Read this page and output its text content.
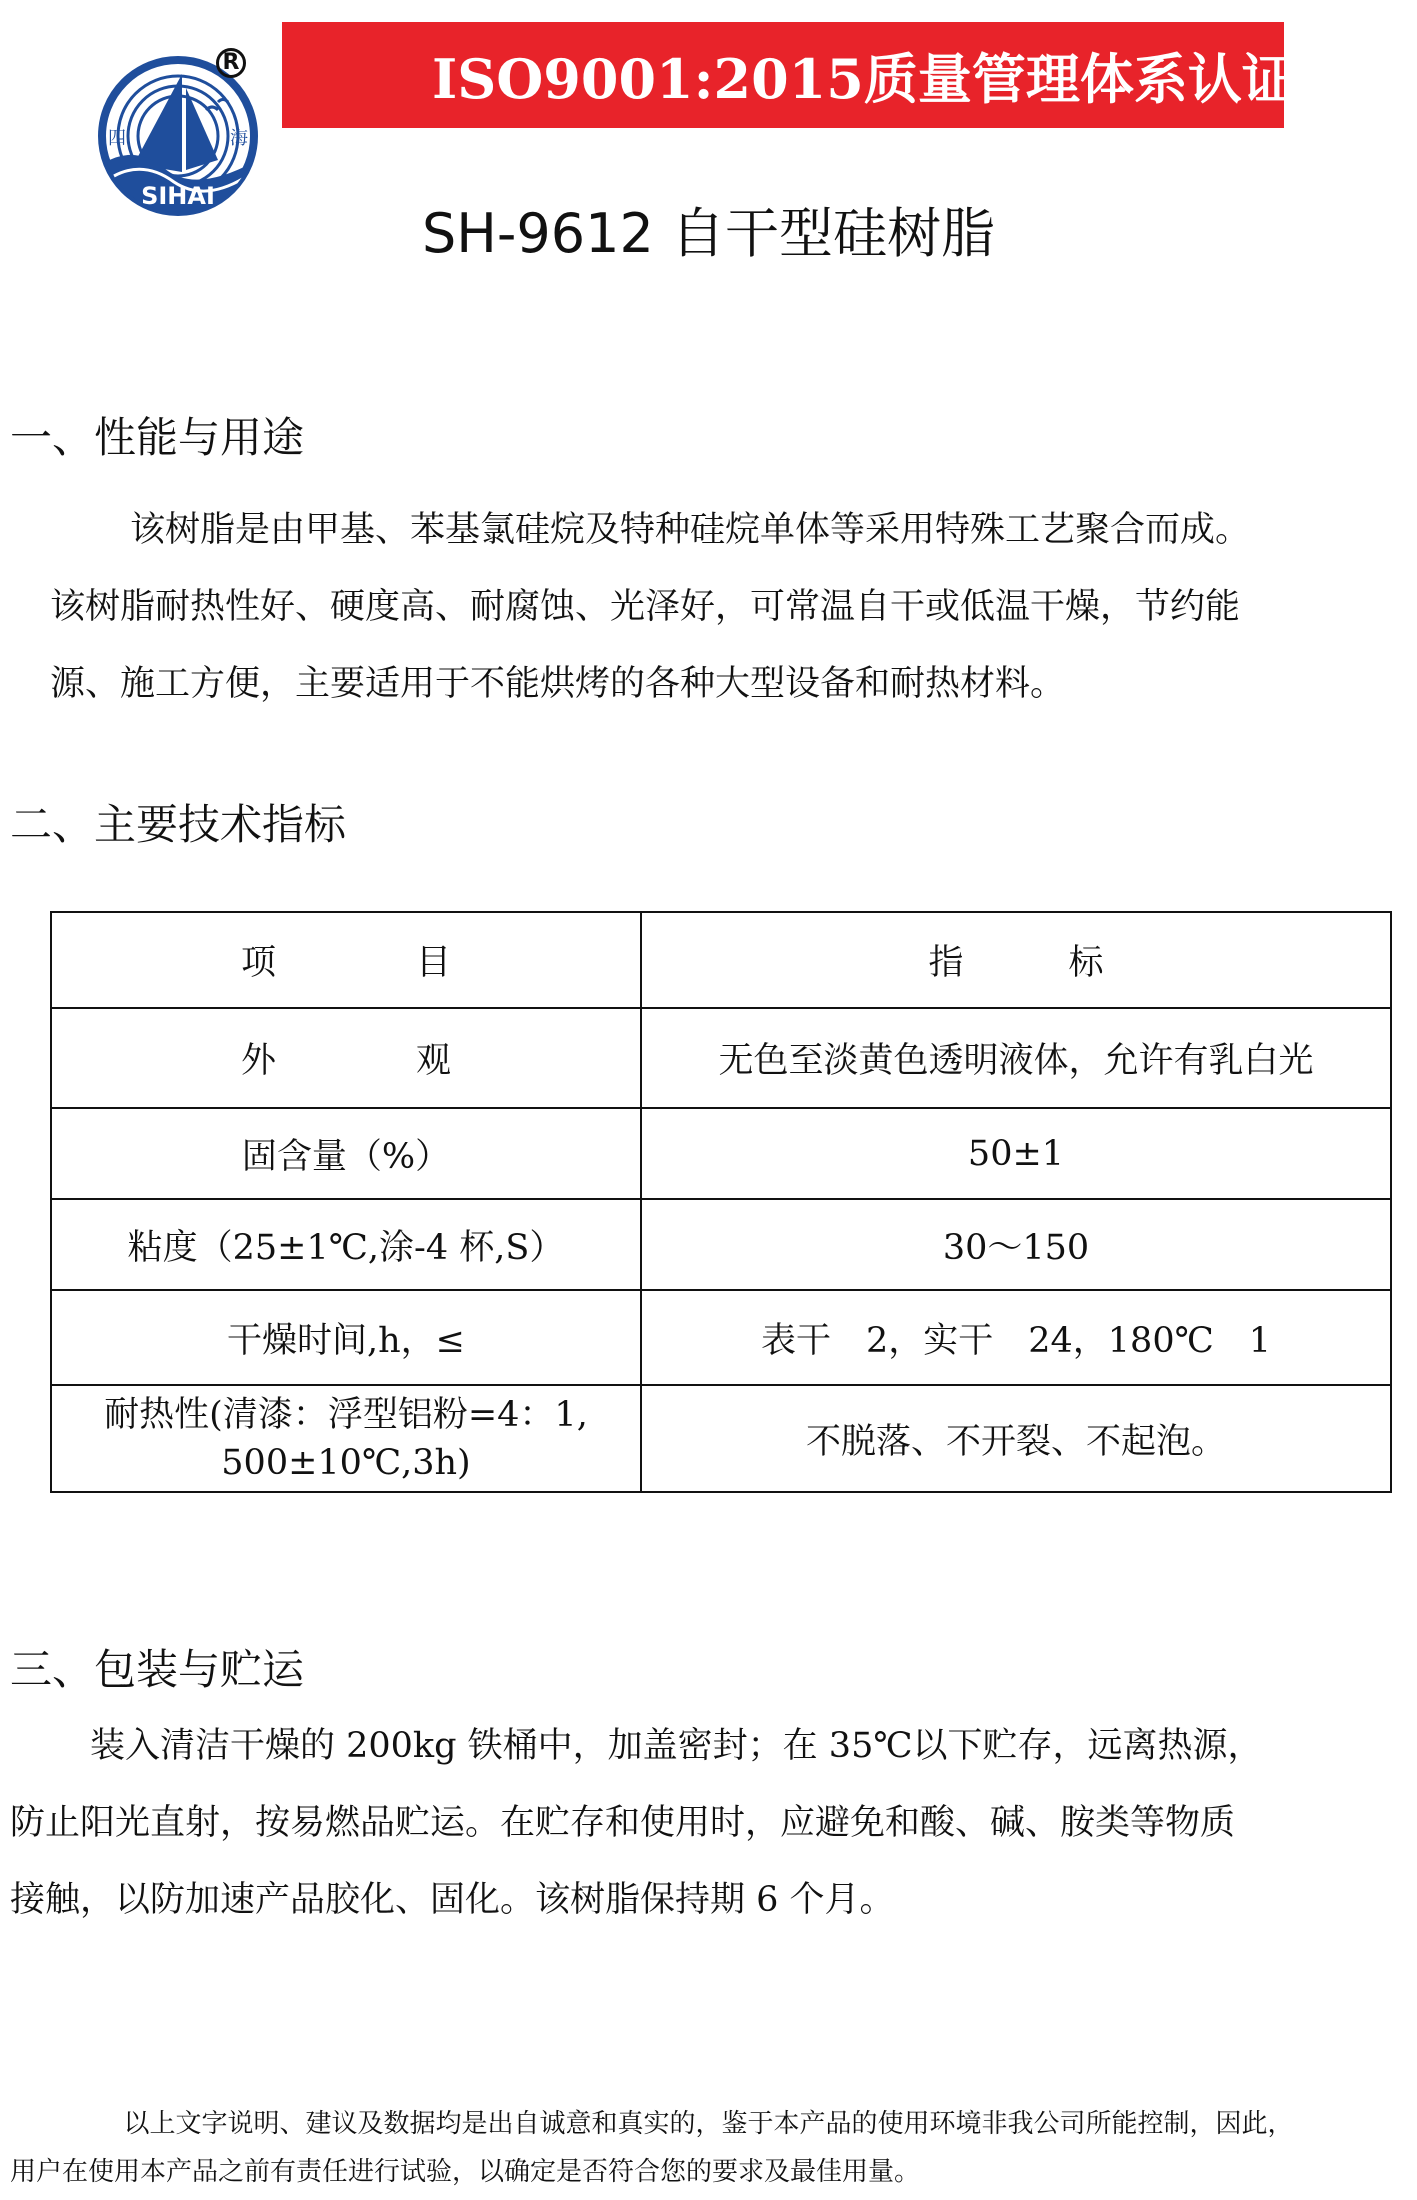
四	海
SIHAI
R	ISO9001:2015质量管理体系认证
SH-9612 自干型硅树脂
一、性能与用途
该树脂是由甲基、苯基氯硅烷及特种硅烷单体等采用特殊工艺聚合而成。
该树脂耐热性好、硬度高、耐腐蚀、光泽好，可常温自干或低温干燥，节约能
源、施工方便，主要适用于不能烘烤的各种大型设备和耐热材料。
二、主要技术指标
项　　　　目	指　　　标
外　　　　观	无色至淡黄色透明液体，允许有乳白光
固含量（%）	50±1
粘度（25±1℃,涂-4 杯,S）	30～150
干燥时间,h，≤	表干　2，实干　24，180℃　1

耐热性(清漆：浮型铝粉=4：1,
500±10℃,3h)	不脱落、不开裂、不起泡。
三、包装与贮运
装入清洁干燥的 200kg 铁桶中，加盖密封；在 35℃以下贮存，远离热源，
防止阳光直射，按易燃品贮运。在贮存和使用时，应避免和酸、碱、胺类等物质
接触，以防加速产品胶化、固化。该树脂保持期 6 个月。
以上文字说明、建议及数据均是出自诚意和真实的，鉴于本产品的使用环境非我公司所能控制，因此，
用户在使用本产品之前有责任进行试验，以确定是否符合您的要求及最佳用量。
